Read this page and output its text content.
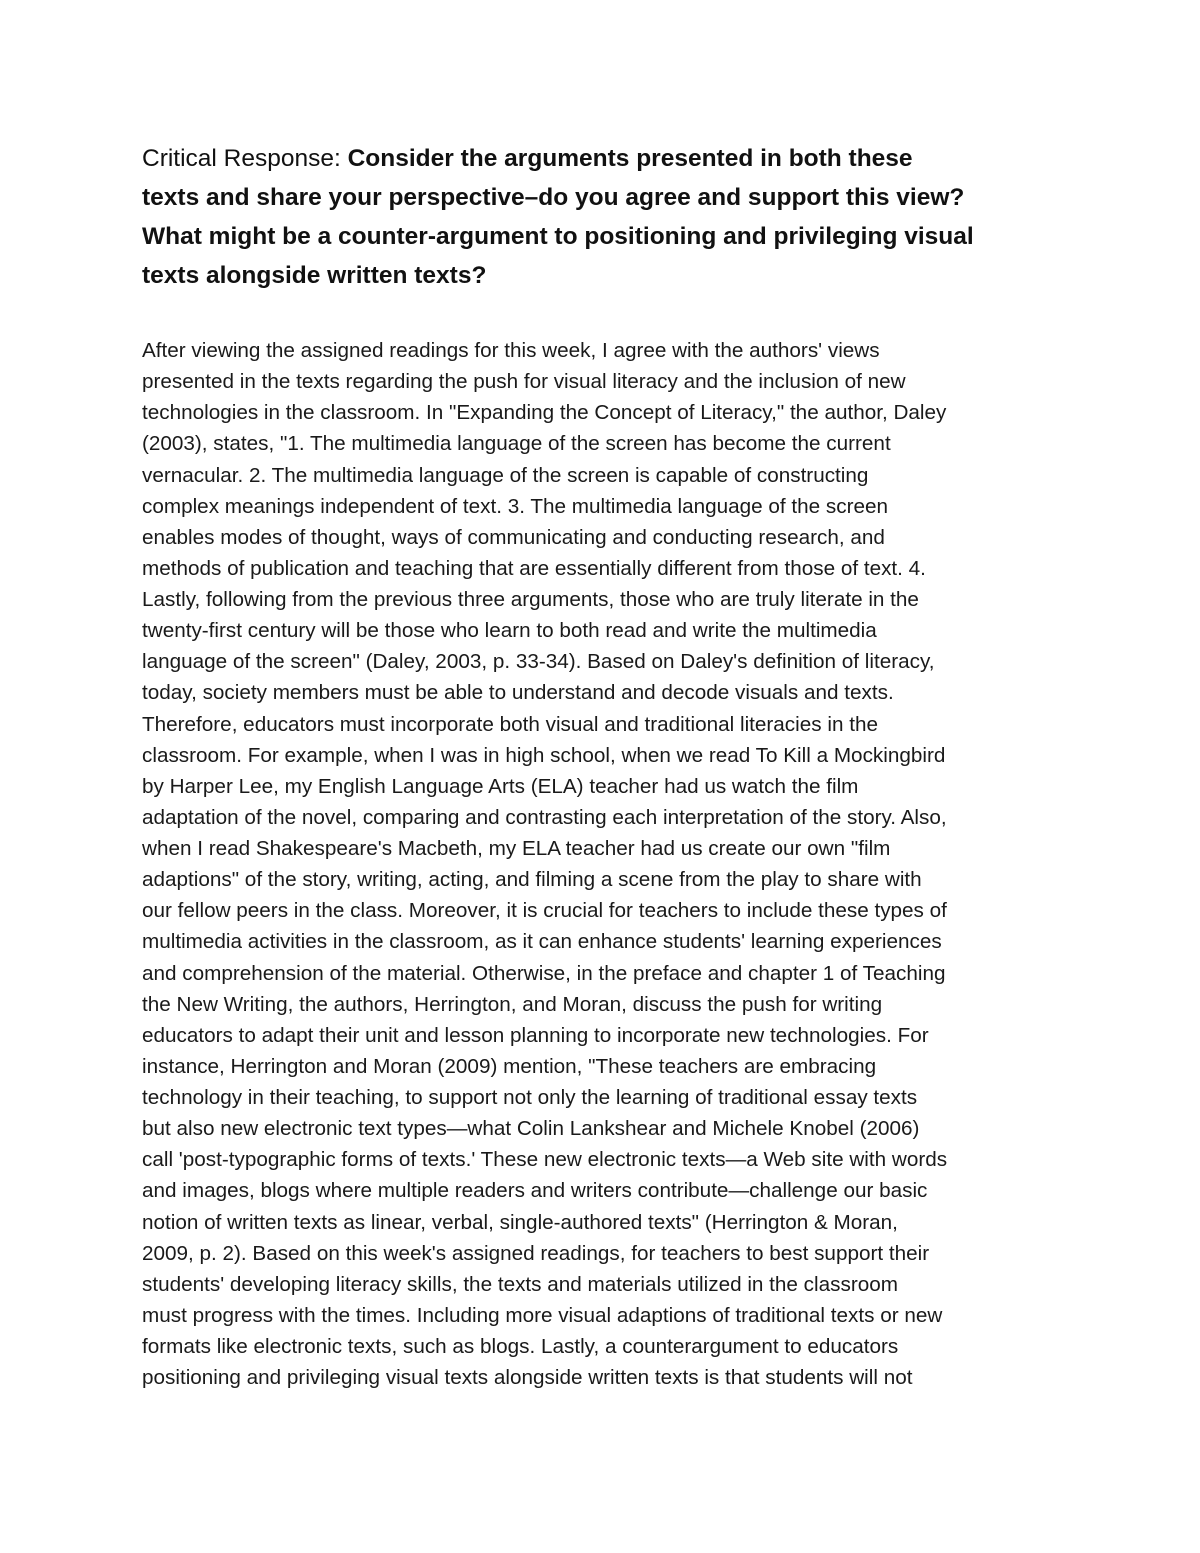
Critical Response: Consider the arguments presented in both these
texts and share your perspective–do you agree and support this view?
What might be a counter-argument to positioning and privileging visual
texts alongside written texts?
After viewing the assigned readings for this week, I agree with the authors' views
presented in the texts regarding the push for visual literacy and the inclusion of new
technologies in the classroom. In "Expanding the Concept of Literacy," the author, Daley
(2003), states, "1. The multimedia language of the screen has become the current
vernacular. 2. The multimedia language of the screen is capable of constructing
complex meanings independent of text. 3. The multimedia language of the screen
enables modes of thought, ways of communicating and conducting research, and
methods of publication and teaching that are essentially different from those of text. 4.
Lastly, following from the previous three arguments, those who are truly literate in the
twenty-first century will be those who learn to both read and write the multimedia
language of the screen" (Daley, 2003, p. 33-34). Based on Daley's definition of literacy,
today, society members must be able to understand and decode visuals and texts.
Therefore, educators must incorporate both visual and traditional literacies in the
classroom. For example, when I was in high school, when we read To Kill a Mockingbird
by Harper Lee, my English Language Arts (ELA) teacher had us watch the film
adaptation of the novel, comparing and contrasting each interpretation of the story. Also,
when I read Shakespeare's Macbeth, my ELA teacher had us create our own "film
adaptions" of the story, writing, acting, and filming a scene from the play to share with
our fellow peers in the class. Moreover, it is crucial for teachers to include these types of
multimedia activities in the classroom, as it can enhance students' learning experiences
and comprehension of the material. Otherwise, in the preface and chapter 1 of Teaching
the New Writing, the authors, Herrington, and Moran, discuss the push for writing
educators to adapt their unit and lesson planning to incorporate new technologies. For
instance, Herrington and Moran (2009) mention, "These teachers are embracing
technology in their teaching, to support not only the learning of traditional essay texts
but also new electronic text types—what Colin Lankshear and Michele Knobel (2006)
call 'post-typographic forms of texts.' These new electronic texts—a Web site with words
and images, blogs where multiple readers and writers contribute—challenge our basic
notion of written texts as linear, verbal, single-authored texts" (Herrington & Moran,
2009, p. 2). Based on this week's assigned readings, for teachers to best support their
students' developing literacy skills, the texts and materials utilized in the classroom
must progress with the times. Including more visual adaptions of traditional texts or new
formats like electronic texts, such as blogs. Lastly, a counterargument to educators
positioning and privileging visual texts alongside written texts is that students will not
